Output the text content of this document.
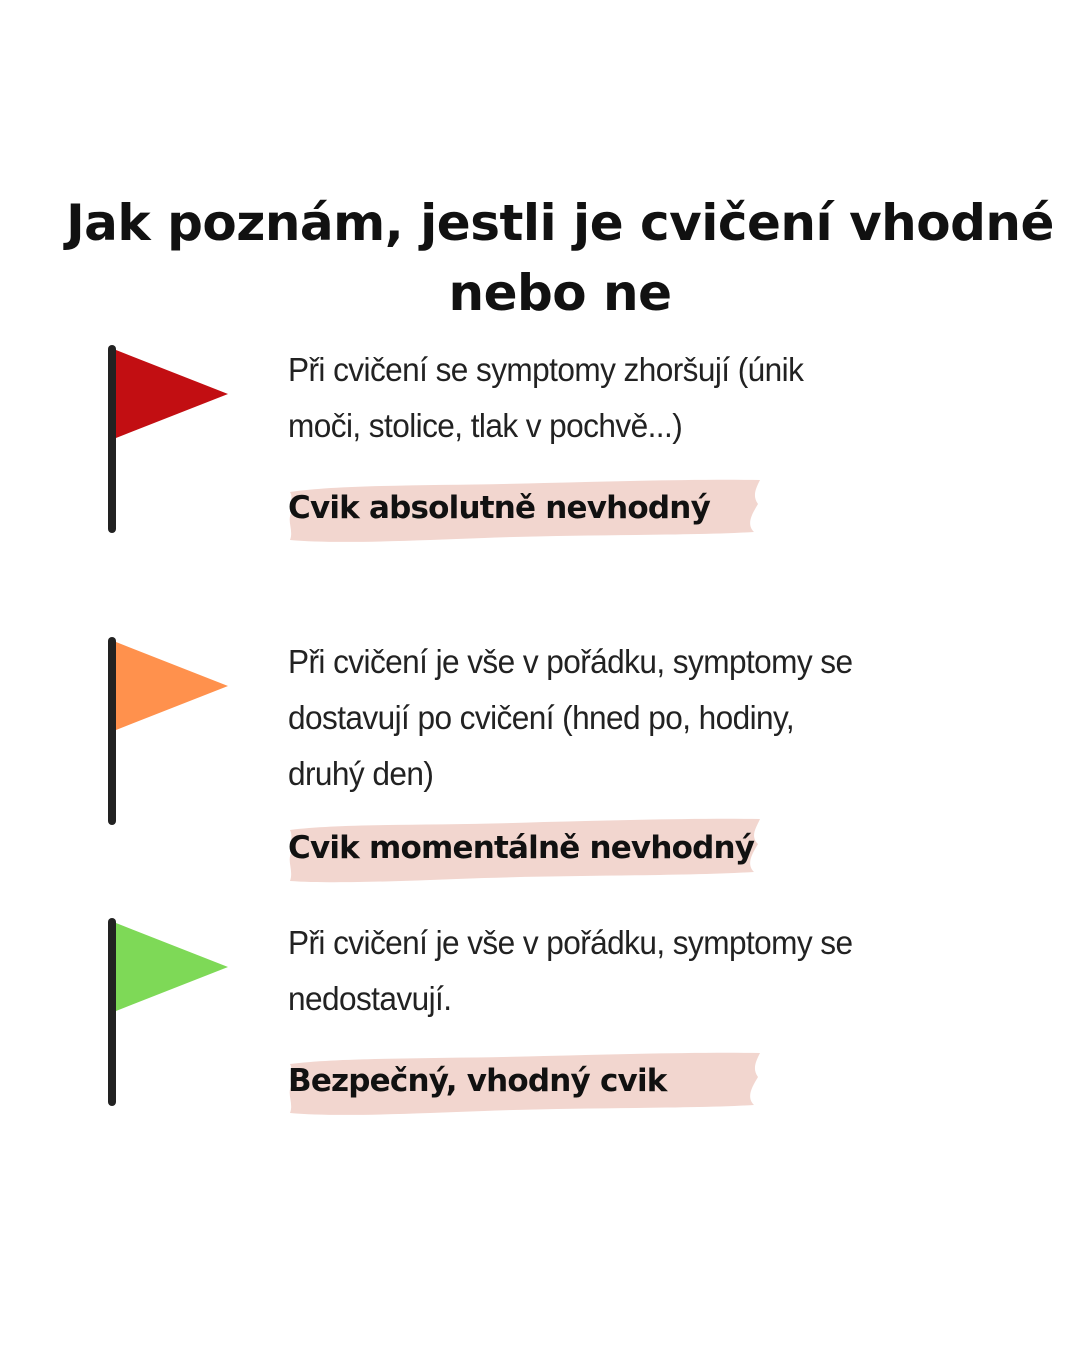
Jak poznám, jestli je cvičení vhodné
nebo ne

Při cvičení se symptomy zhoršují (únik
moči, stolice, tlak v pochvě...)

Cvik absolutně nevhodný

Při cvičení je vše v pořádku, symptomy se
dostavují po cvičení (hned po, hodiny,
druhý den)

Cvik momentálně nevhodný

Při cvičení je vše v pořádku, symptomy se
nedostavují.

Bezpečný, vhodný cvik
